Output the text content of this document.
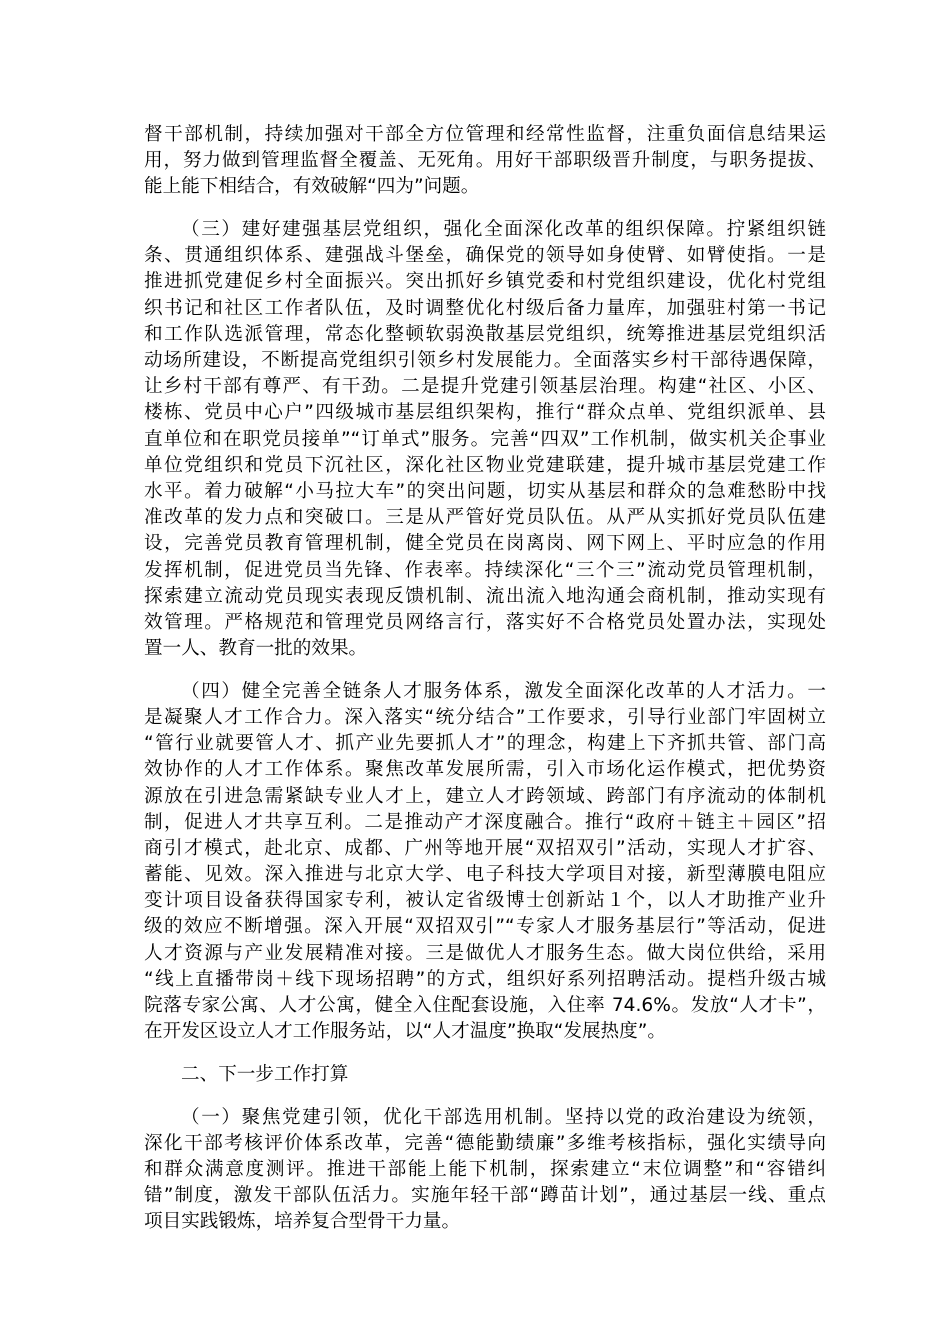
督干部机制，持续加强对干部全方位管理和经常性监督，注重负面信息结果运
用，努力做到管理监督全覆盖、无死角。用好干部职级晋升制度，与职务提拔、
能上能下相结合，有效破解“四为”问题。
（三）建好建强基层党组织，强化全面深化改革的组织保障。拧紧组织链
条、贯通组织体系、建强战斗堡垒，确保党的领导如身使臂、如臂使指。一是
推进抓党建促乡村全面振兴。突出抓好乡镇党委和村党组织建设，优化村党组
织书记和社区工作者队伍，及时调整优化村级后备力量库，加强驻村第一书记
和工作队选派管理，常态化整顿软弱涣散基层党组织，统筹推进基层党组织活
动场所建设，不断提高党组织引领乡村发展能力。全面落实乡村干部待遇保障，
让乡村干部有尊严、有干劲。二是提升党建引领基层治理。构建“社区、小区、
楼栋、党员中心户”四级城市基层组织架构，推行“群众点单、党组织派单、县
直单位和在职党员接单”“订单式”服务。完善“四双”工作机制，做实机关企事业
单位党组织和党员下沉社区，深化社区物业党建联建，提升城市基层党建工作
水平。着力破解“小马拉大车”的突出问题，切实从基层和群众的急难愁盼中找
准改革的发力点和突破口。三是从严管好党员队伍。从严从实抓好党员队伍建
设，完善党员教育管理机制，健全党员在岗离岗、网下网上、平时应急的作用
发挥机制，促进党员当先锋、作表率。持续深化“三个三”流动党员管理机制，
探索建立流动党员现实表现反馈机制、流出流入地沟通会商机制，推动实现有
效管理。严格规范和管理党员网络言行，落实好不合格党员处置办法，实现处
置一人、教育一批的效果。
（四）健全完善全链条人才服务体系，激发全面深化改革的人才活力。一
是凝聚人才工作合力。深入落实“统分结合”工作要求，引导行业部门牢固树立
“管行业就要管人才、抓产业先要抓人才”的理念，构建上下齐抓共管、部门高
效协作的人才工作体系。聚焦改革发展所需，引入市场化运作模式，把优势资
源放在引进急需紧缺专业人才上，建立人才跨领域、跨部门有序流动的体制机
制，促进人才共享互利。二是推动产才深度融合。推行“政府＋链主＋园区”招
商引才模式，赴北京、成都、广州等地开展“双招双引”活动，实现人才扩容、
蓄能、见效。深入推进与北京大学、电子科技大学项目对接，新型薄膜电阻应
变计项目设备获得国家专利，被认定省级博士创新站１个，以人才助推产业升
级的效应不断增强。深入开展“双招双引”“专家人才服务基层行”等活动，促进
人才资源与产业发展精准对接。三是做优人才服务生态。做大岗位供给，采用
“线上直播带岗＋线下现场招聘”的方式，组织好系列招聘活动。提档升级古城
院落专家公寓、人才公寓，健全入住配套设施，入住率 74.6%。发放“人才卡”，
在开发区设立人才工作服务站，以“人才温度”换取“发展热度”。
二、下一步工作打算
（一）聚焦党建引领，优化干部选用机制。坚持以党的政治建设为统领，
深化干部考核评价体系改革，完善“德能勤绩廉”多维考核指标，强化实绩导向
和群众满意度测评。推进干部能上能下机制，探索建立“末位调整”和“容错纠
错”制度，激发干部队伍活力。实施年轻干部“蹲苗计划”，通过基层一线、重点
项目实践锻炼，培养复合型骨干力量。
